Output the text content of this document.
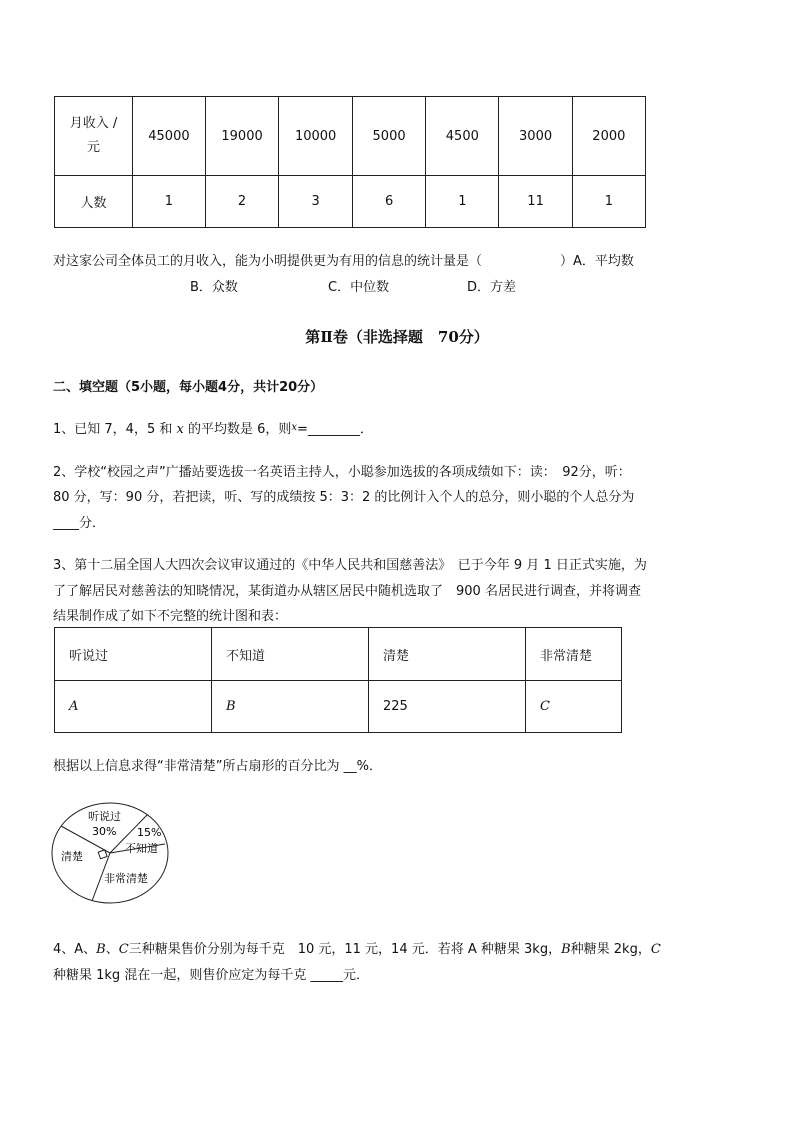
月收入 /
元	45000	19000	10000	5000	4500	3000	2000
人数	1	2	3	6	1	11	1
对这家公司全体员工的月收入，能为小明提供更为有用的信息的统计量是（	）A．平均数
B．众数	C．中位数	D．方差
第Ⅱ卷（非选择题　70分）
二、填空题（5小题，每小题4分，共计20分）
1、已知 7，4，5 和 x 的平均数是 6，则$^x$=________．
2、学校“校园之声”广播站要选拔一名英语主持人，小聪参加选拔的各项成绩如下：读：　92分，听：
80 分，写：90 分，若把读，听、写的成绩按 5：3：2 的比例计入个人的总分，则小聪的个人总分为
____分．
3、第十二届全国人大四次会议审议通过的《中华人民共和国慈善法》　已于今年 9 月 1 日正式实施，为
了了解居民对慈善法的知晓情况，某街道办从辖区居民中随机选取了　900 名居民进行调查，并将调查
结果制作成了如下不完整的统计图和表：
听说过	不知道	清楚	非常清楚
A	B	225	C
根据以上信息求得“非常清楚”所占扇形的百分比为 __%．
听说过
30% 15%
不知道
清楚
非常清楚
4、A、B、C三种糖果售价分别为每千克　10 元，11 元，14 元．若将 A 种糖果 3kg，B种糖果 2kg，C
种糖果 1kg 混在一起，则售价应定为每千克 _____元．
